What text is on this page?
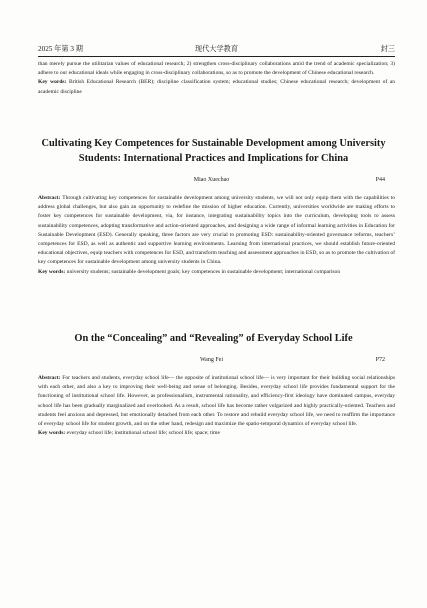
2025 年第 3 期	现代大学教育	封三

than merely pursue the utilitarian values of educational research; 2) strengthen cross-disciplinary collaborations amid the trend of academic specialization; 3) adhere to our educational ideals while engaging in cross-disciplinary collaborations, so as to promote the development of Chinese educational research.

Key words: British Educational Research (BER); discipline classification system; educational studies; Chinese educational research; development of an academic discipline

Cultivating Key Competences for Sustainable Development among University
Students: International Practices and Implications for China
Miao Xuechao	P44

Abstract: Through cultivating key competences for sustainable development among university students, we will not only equip them with the capabilities to address global challenges, but also gain an opportunity to redefine the mission of higher education. Currently, universities worldwide are making efforts to foster key competences for sustainable development, via, for instance, integrating sustainability topics into the curriculum, developing tools to assess sustainability competences, adopting transformative and action-oriented approaches, and designing a wide range of informal learning activities in Education for Sustainable Development (ESD). Generally speaking, three factors are very crucial to promoting ESD: sustainability-oriented governance reforms, teachers’ competences for ESD, as well as authentic and supportive learning environments. Learning from international practices, we should establish future-oriented educational objectives, equip teachers with competences for ESD, and transform teaching and assessment approaches in ESD, so as to promote the cultivation of key competences for sustainable development among university students in China.

Key words: university students; sustainable development goals; key competences in sustainable development; international comparison

On the “Concealing” and “Revealing” of Everyday School Life
Wang Fei	P72

Abstract: For teachers and students, everyday school life— the opposite of institutional school life— is very important for their building social relationships with each other, and also a key to improving their well-being and sense of belonging. Besides, everyday school life provides fundamental support for the functioning of institutional school life. However, as professionalism, instrumental rationality, and efficiency-first ideology have dominated campus, everyday school life has been gradually marginalized and overlooked. As a result, school life has become rather vulgarized and highly practically-oriented. Teachers and students feel anxious and depressed, but emotionally detached from each other. To restore and rebuild everyday school life, we need to reaffirm the importance of everyday school life for student growth, and on the other hand, redesign and maximize the spatio-temporal dynamics of everyday school life.

Key words: everyday school life; institutional school life; school life; space; time
